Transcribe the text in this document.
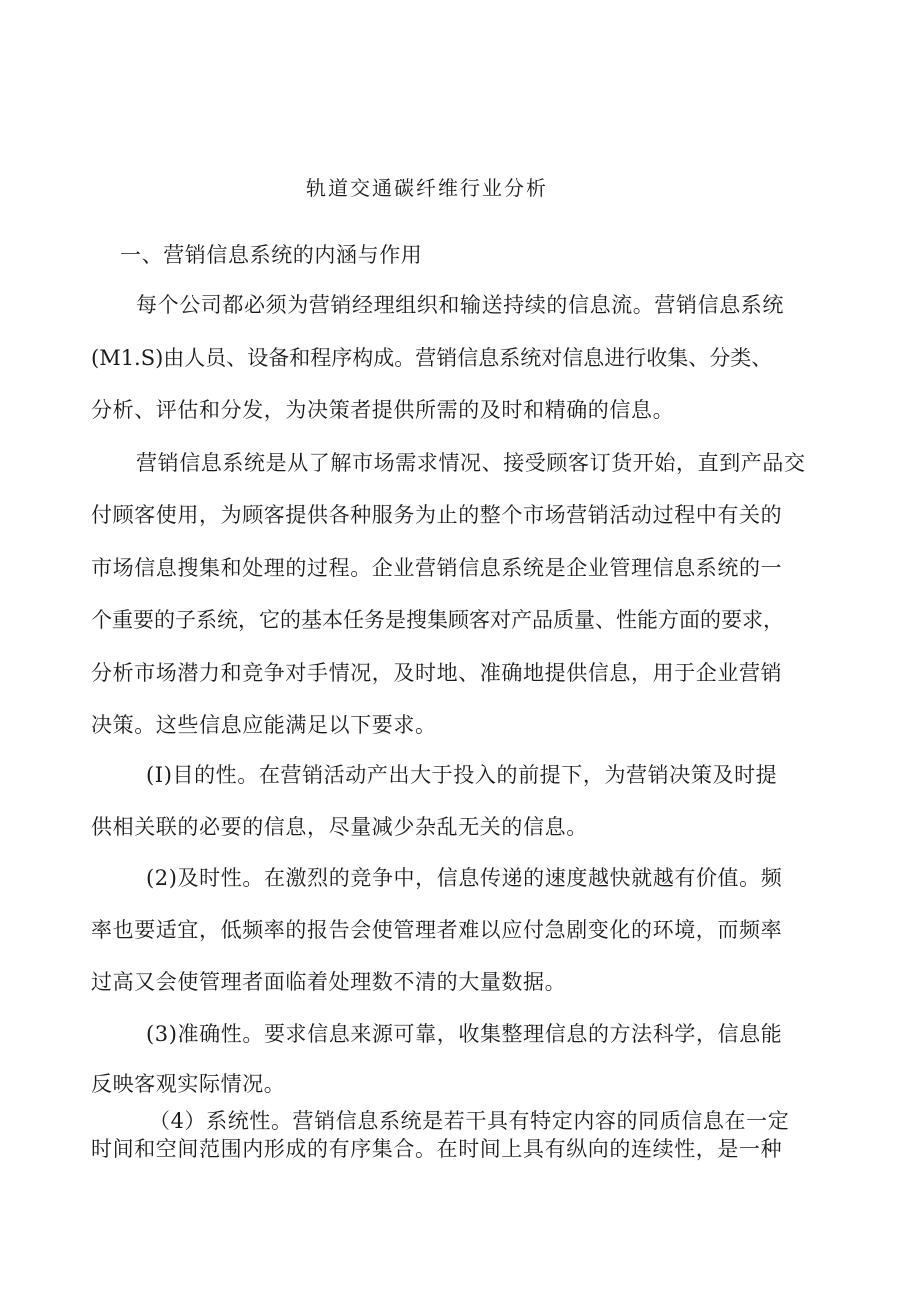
轨道交通碳纤维行业分析
一、营销信息系统的内涵与作用
每个公司都必须为营销经理组织和输送持续的信息流。营销信息系统
(M1.S)由人员、设备和程序构成。营销信息系统对信息进行收集、分类、
分析、评估和分发，为决策者提供所需的及时和精确的信息。
营销信息系统是从了解市场需求情况、接受顾客订货开始，直到产品交
付顾客使用，为顾客提供各种服务为止的整个市场营销活动过程中有关的
市场信息搜集和处理的过程。企业营销信息系统是企业管理信息系统的一
个重要的子系统，它的基本任务是搜集顾客对产品质量、性能方面的要求，
分析市场潜力和竞争对手情况，及时地、准确地提供信息，用于企业营销
决策。这些信息应能满足以下要求。
(I)目的性。在营销活动产出大于投入的前提下，为营销决策及时提
供相关联的必要的信息，尽量减少杂乱无关的信息。
(2)及时性。在激烈的竞争中，信息传递的速度越快就越有价值。频
率也要适宜，低频率的报告会使管理者难以应付急剧变化的环境，而频率
过高又会使管理者面临着处理数不清的大量数据。
(3)准确性。要求信息来源可靠，收集整理信息的方法科学，信息能
反映客观实际情况。
（4）系统性。营销信息系统是若干具有特定内容的同质信息在一定
时间和空间范围内形成的有序集合。在时间上具有纵向的连续性，是一种
